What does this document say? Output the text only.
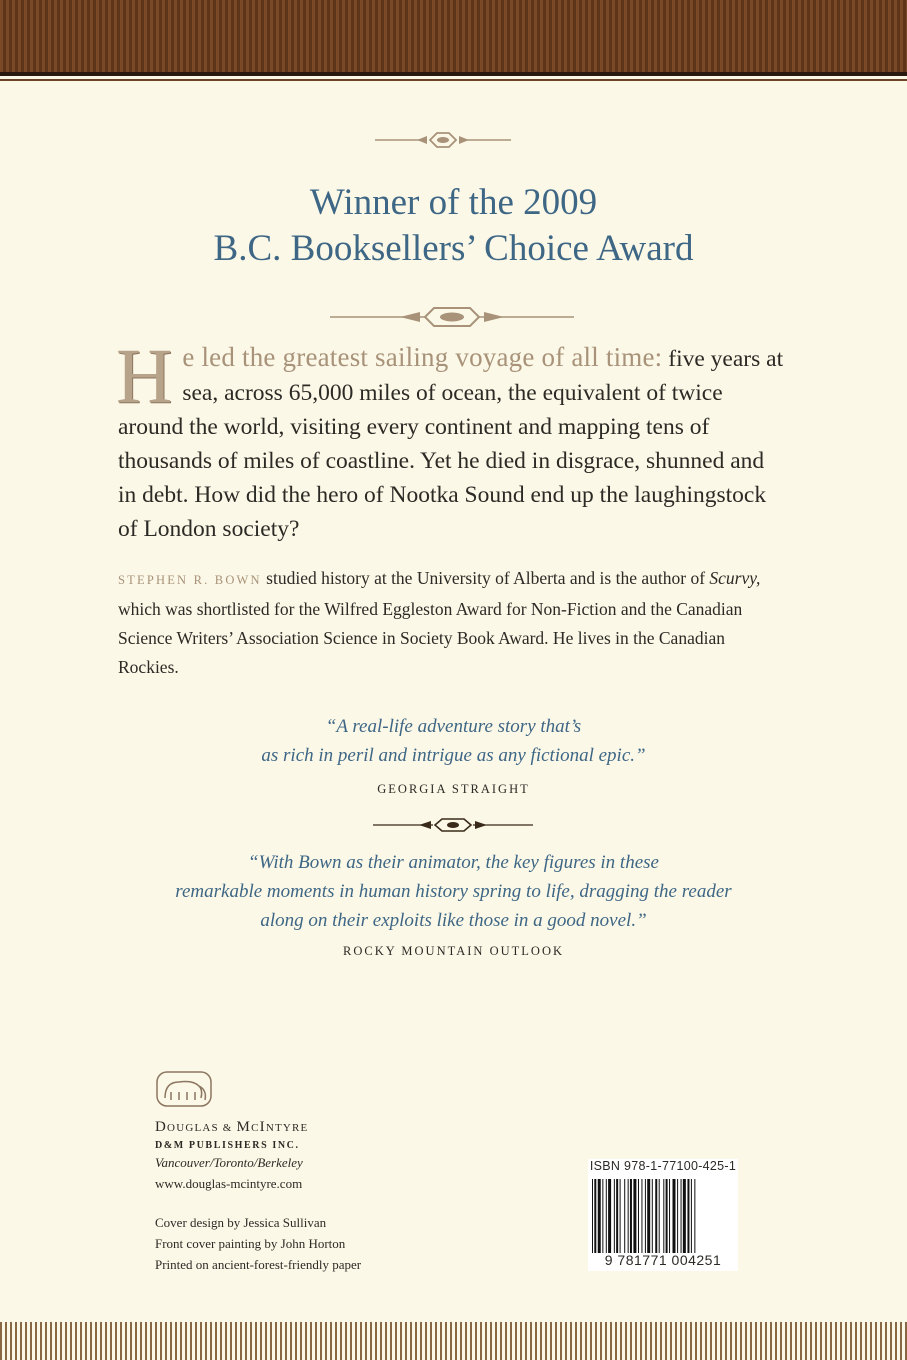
Winner of the 2009
B.C. Booksellers’ Choice Award
H e led the greatest sailing voyage of all time: five years at sea, across 65,000 miles of ocean, the equivalent of twice around the world, visiting every continent and mapping tens of thousands of miles of coastline. Yet he died in disgrace, shunned and in debt. How did the hero of Nootka Sound end up the laughingstock of London society?
STEPHEN R. BOWN studied history at the University of Alberta and is the author of Scurvy, which was shortlisted for the Wilfred Eggleston Award for Non-Fiction and the Canadian Science Writers’ Association Science in Society Book Award. He lives in the Canadian Rockies.
“A real-life adventure story that’s
as rich in peril and intrigue as any fictional epic.”
GEORGIA STRAIGHT
“With Bown as their animator, the key figures in these
remarkable moments in human history spring to life, dragging the reader
along on their exploits like those in a good novel.”
ROCKY MOUNTAIN OUTLOOK
DOUGLAS & MCINTYRE
D&M PUBLISHERS INC.
Vancouver/Toronto/Berkeley
www.douglas-mcintyre.com
Cover design by Jessica Sullivan
Front cover painting by John Horton
Printed on ancient-forest-friendly paper
ISBN 978-1-77100-425-1
9 781771 004251
